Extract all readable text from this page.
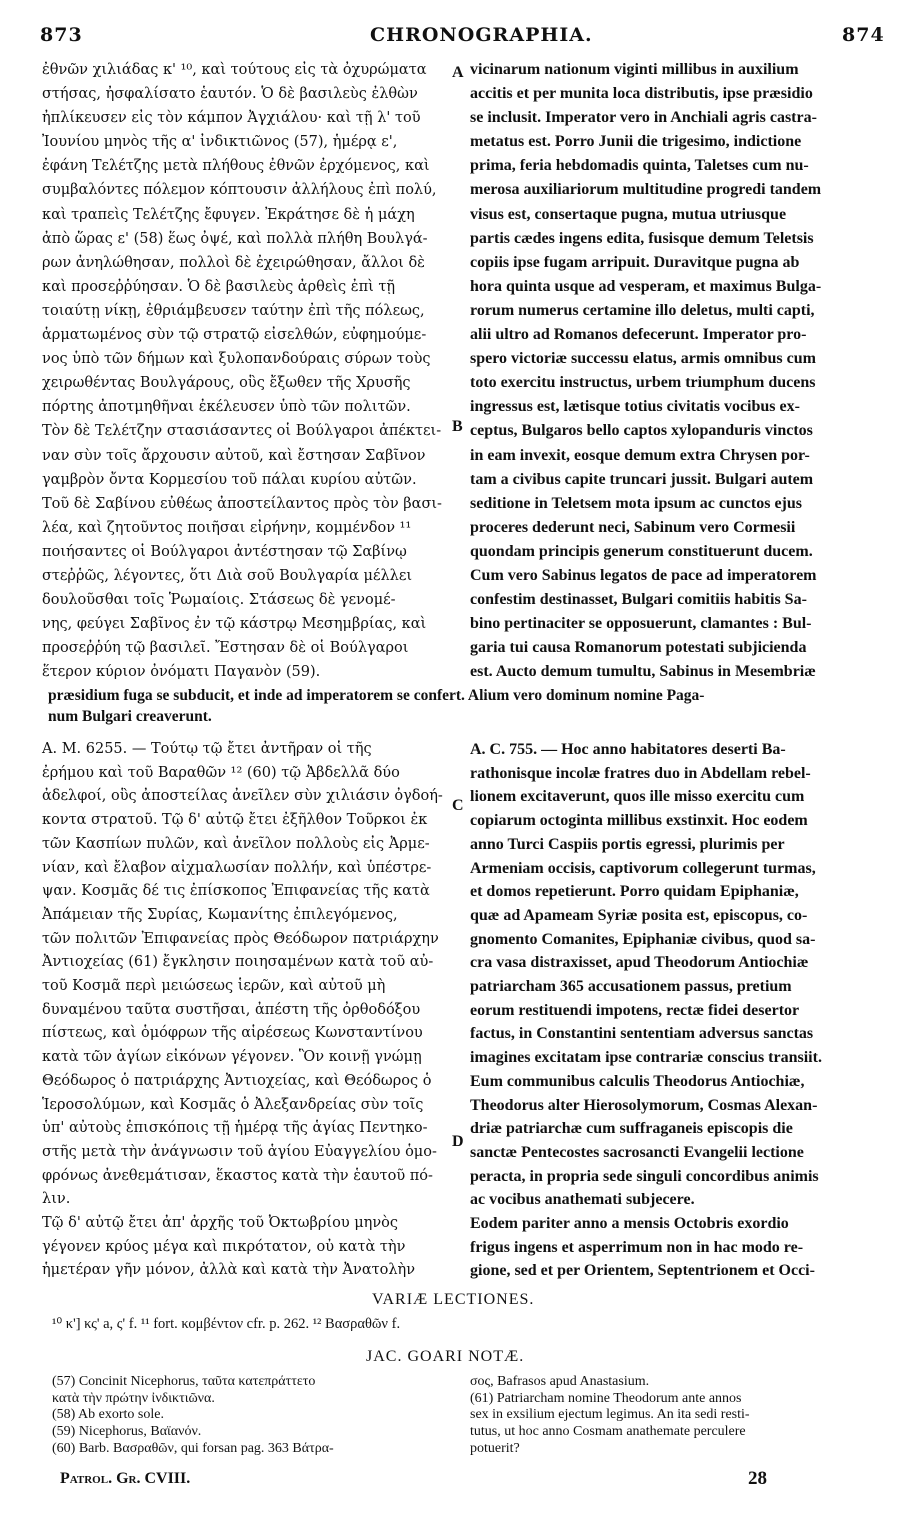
873	CHRONOGRAPHIA.	874
A
B
C
D

ἐθνῶν χιλιάδας κ' ¹⁰, καὶ τούτους εἰς τὰ ὀχυρώματα

στήσας, ἠσφαλίσατο ἑαυτόν. Ὁ δὲ βασιλεὺς ἐλθὼν

ἠπλίκευσεν εἰς τὸν κάμπον Ἀγχιάλου· καὶ τῇ λ' τοῦ

Ἰουνίου μηνὸς τῆς α' ἰνδικτιῶνος (57), ἡμέρᾳ ε',

ἐφάνη Τελέτζης μετὰ πλήθους ἐθνῶν ἐρχόμενος, καὶ

συμβαλόντες πόλεμον κόπτουσιν ἀλλήλους ἐπὶ πολύ,

καὶ τραπεὶς Τελέτζης ἔφυγεν. Ἐκράτησε δὲ ἡ μάχη

ἀπὸ ὥρας ε' (58) ἕως ὀψέ, καὶ πολλὰ πλήθη Βουλγά-

ρων ἀνηλώθησαν, πολλοὶ δὲ ἐχειρώθησαν, ἄλλοι δὲ

καὶ προσεῤῥύησαν. Ὁ δὲ βασιλεὺς ἀρθεὶς ἐπὶ τῇ

τοιαύτῃ νίκῃ, ἐθριάμβευσεν ταύτην ἐπὶ τῆς πόλεως,

ἁρματωμένος σὺν τῷ στρατῷ εἰσελθών, εὐφημούμε-

νος ὑπὸ τῶν δήμων καὶ ξυλοπανδούραις σύρων τοὺς

χειρωθέντας Βουλγάρους, οὓς ἔξωθεν τῆς Χρυσῆς

πόρτης ἀποτμηθῆναι ἐκέλευσεν ὑπὸ τῶν πολιτῶν.

Τὸν δὲ Τελέτζην στασιάσαντες οἱ Βούλγαροι ἀπέκτει-

ναν σὺν τοῖς ἄρχουσιν αὐτοῦ, καὶ ἔστησαν Σαβῖνον

γαμβρὸν ὄντα Κορμεσίου τοῦ πάλαι κυρίου αὐτῶν.

Τοῦ δὲ Σαβίνου εὐθέως ἀποστείλαντος πρὸς τὸν βασι-

λέα, καὶ ζητοῦντος ποιῆσαι εἰρήνην, κομμένδον ¹¹

ποιήσαντες οἱ Βούλγαροι ἀντέστησαν τῷ Σαβίνῳ

στεῤῥῶς, λέγοντες, ὅτι Διὰ σοῦ Βουλγαρία μέλλει

δουλοῦσθαι τοῖς Ῥωμαίοις. Στάσεως δὲ γενομέ-

νης, φεύγει Σαβῖνος ἐν τῷ κάστρῳ Μεσημβρίας, καὶ

προσεῤῥύη τῷ βασιλεῖ. Ἔστησαν δὲ οἱ Βούλγαροι

ἕτερον κύριον ὀνόματι Παγανὸν (59).

vicinarum nationum viginti millibus in auxilium

accitis et per munita loca distributis, ipse præsidio

se inclusit. Imperator vero in Anchiali agris castra-

metatus est. Porro Junii die trigesimo, indictione

prima, feria hebdomadis quinta, Taletses cum nu-

merosa auxiliariorum multitudine progredi tandem

visus est, consertaque pugna, mutua utriusque

partis cædes ingens edita, fusisque demum Teletsis

copiis ipse fugam arripuit. Duravitque pugna ab

hora quinta usque ad vesperam, et maximus Bulga-

rorum numerus certamine illo deletus, multi capti,

alii ultro ad Romanos defecerunt. Imperator pro-

spero victoriæ successu elatus, armis omnibus cum

toto exercitu instructus, urbem triumphum ducens

ingressus est, lætisque totius civitatis vocibus ex-

ceptus, Bulgaros bello captos xylopanduris vinctos

in eam invexit, eosque demum extra Chrysen por-

tam a civibus capite truncari jussit. Bulgari autem

seditione in Teletsem mota ipsum ac cunctos ejus

proceres dederunt neci, Sabinum vero Cormesii

quondam principis generum constituerunt ducem.

Cum vero Sabinus legatos de pace ad imperatorem

confestim destinasset, Bulgari comitiis habitis Sa-

bino pertinaciter se opposuerunt, clamantes : Bul-

garia tui causa Romanorum potestati subjicienda

est. Aucto demum tumultu, Sabinus in Mesembriæ

præsidium fuga se subducit, et inde ad imperatorem se confert. Alium vero dominum nomine Paga-
num Bulgari creaverunt.

A. M. 6255. — Τούτῳ τῷ ἔτει ἀντῆραν οἱ τῆς

ἐρήμου καὶ τοῦ Βαραθῶν ¹² (60) τῷ Ἀβδελλᾶ δύο

ἀδελφοί, οὓς ἀποστείλας ἀνεῖλεν σὺν χιλιάσιν ὀγδοή-

κοντα στρατοῦ. Τῷ δ' αὐτῷ ἔτει ἐξῆλθον Τοῦρκοι ἐκ

τῶν Κασπίων πυλῶν, καὶ ἀνεῖλον πολλοὺς εἰς Ἀρμε-

νίαν, καὶ ἔλαβον αἰχμαλωσίαν πολλήν, καὶ ὑπέστρε-

ψαν. Κοσμᾶς δέ τις ἐπίσκοπος Ἐπιφανείας τῆς κατὰ

Ἀπάμειαν τῆς Συρίας, Κωμανίτης ἐπιλεγόμενος,

τῶν πολιτῶν Ἐπιφανείας πρὸς Θεόδωρον πατριάρχην

Ἀντιοχείας (61) ἔγκλησιν ποιησαμένων κατὰ τοῦ αὐ-

τοῦ Κοσμᾶ περὶ μειώσεως ἱερῶν, καὶ αὐτοῦ μὴ

δυναμένου ταῦτα συστῆσαι, ἀπέστη τῆς ὀρθοδόξου

πίστεως, καὶ ὁμόφρων τῆς αἱρέσεως Κωνσταντίνου

κατὰ τῶν ἁγίων εἰκόνων γέγονεν. Ὃν κοινῇ γνώμῃ

Θεόδωρος ὁ πατριάρχης Ἀντιοχείας, καὶ Θεόδωρος ὁ

Ἱεροσολύμων, καὶ Κοσμᾶς ὁ Ἀλεξανδρείας σὺν τοῖς

ὑπ' αὐτοὺς ἐπισκόποις τῇ ἡμέρᾳ τῆς ἁγίας Πεντηκο-

στῆς μετὰ τὴν ἀνάγνωσιν τοῦ ἁγίου Εὐαγγελίου ὁμο-

φρόνως ἀνεθεμάτισαν, ἕκαστος κατὰ τὴν ἑαυτοῦ πό-

λιν.

Τῷ δ' αὐτῷ ἔτει ἀπ' ἀρχῆς τοῦ Ὀκτωβρίου μηνὸς

γέγονεν κρύος μέγα καὶ πικρότατον, οὐ κατὰ τὴν

ἡμετέραν γῆν μόνον, ἀλλὰ καὶ κατὰ τὴν Ἀνατολὴν

A. C. 755. — Hoc anno habitatores deserti Ba-

rathonisque incolæ fratres duo in Abdellam rebel-

lionem excitaverunt, quos ille misso exercitu cum

copiarum octoginta millibus exstinxit. Hoc eodem

anno Turci Caspiis portis egressi, plurimis per

Armeniam occisis, captivorum collegerunt turmas,

et domos repetierunt. Porro quidam Epiphaniæ,

quæ ad Apameam Syriæ posita est, episcopus, co-

gnomento Comanites, Epiphaniæ civibus, quod sa-

cra vasa distraxisset, apud Theodorum Antiochiæ

patriarcham 365 accusationem passus, pretium

eorum restituendi impotens, rectæ fidei desertor

factus, in Constantini sententiam adversus sanctas

imagines excitatam ipse contrariæ conscius transiit.

Eum communibus calculis Theodorus Antiochiæ,

Theodorus alter Hierosolymorum, Cosmas Alexan-

driæ patriarchæ cum suffraganeis episcopis die

sanctæ Pentecostes sacrosancti Evangelii lectione

peracta, in propria sede singuli concordibus animis

ac vocibus anathemati subjecere.

Eodem pariter anno a mensis Octobris exordio

frigus ingens et asperrimum non in hac modo re-

gione, sed et per Orientem, Septentrionem et Occi-

VARIÆ LECTIONES.
¹⁰ κ'] κς' a, ς' f. ¹¹ fort. κομβέντον cfr. p. 262. ¹² Βασραθῶν f.
JAC. GOARI NOTÆ.
(57) Concinit Nicephorus, ταῦτα κατεπράττετο
κατὰ τὴν πρώτην ἰνδικτιῶνα.
(58) Ab exorto sole.
(59) Nicephorus, Βαϊανόν.
(60) Barb. Βασραθῶν, qui forsan pag. 363 Βάτρα-
σος, Bafrasos apud Anastasium.
(61) Patriarcham nomine Theodorum ante annos
sex in exsilium ejectum legimus. An ita sedi resti-
tutus, ut hoc anno Cosmam anathemate perculere
potuerit?
Patrol. Gr. CVIII.	28
